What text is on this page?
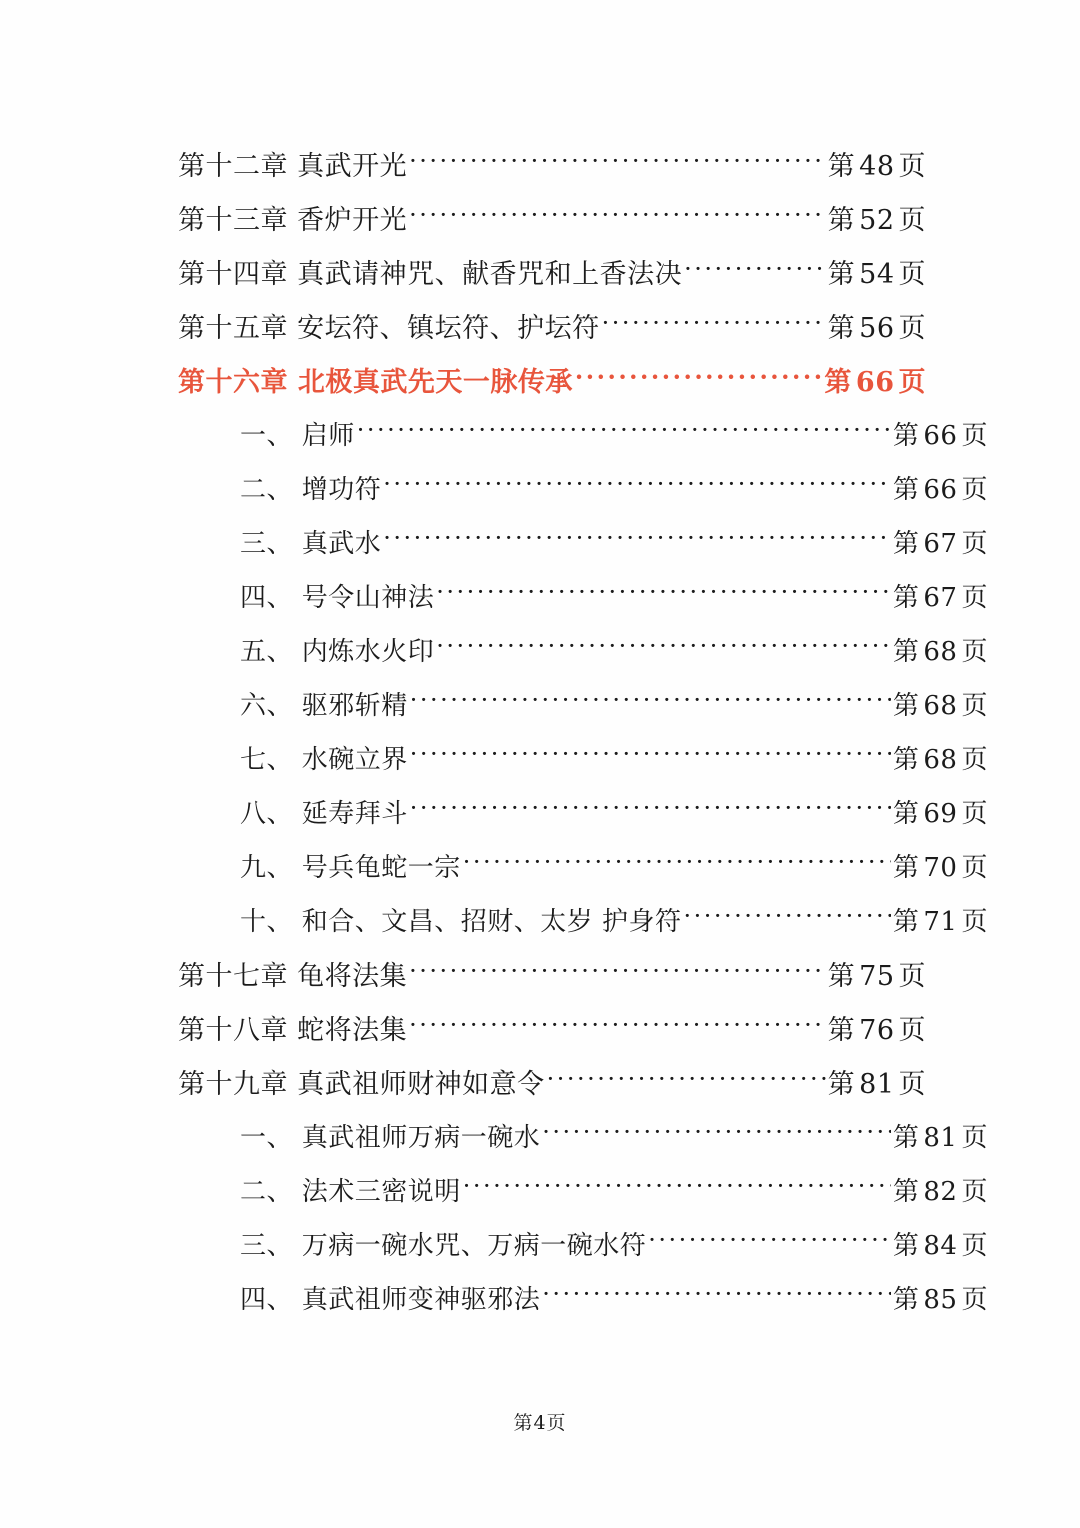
第十二章 真武开光 ·····	第 48 页
第十三章 香炉开光 ·····	第 52 页
第十四章 真武请神咒、献香咒和上香法决 ·····	第 54 页
第十五章 安坛符、镇坛符、护坛符 ·····	第 56 页
第十六章 北极真武先天一脉传承 ·····	第 66 页
一、 启师 ·····	第 66 页
二、 增功符 ·····	第 66 页
三、 真武水 ·····	第 67 页
四、 号令山神法 ·····	第 67 页
五、 内炼水火印 ·····	第 68 页
六、 驱邪斩精 ·····	第 68 页
七、 水碗立界 ·····	第 68 页
八、 延寿拜斗 ·····	第 69 页
九、 号兵龟蛇一宗 ·····	第 70 页
十、 和合、文昌、招财、太岁 护身符 ·····	第 71 页
第十七章 龟将法集 ·····	第 75 页
第十八章 蛇将法集 ·····	第 76 页
第十九章 真武祖师财神如意令 ·····	第 81 页
一、 真武祖师万病一碗水 ·····	第 81 页
二、 法术三密说明 ·····	第 82 页
三、 万病一碗水咒、万病一碗水符 ·····	第 84 页
四、 真武祖师变神驱邪法 ·····	第 85 页
第4页
